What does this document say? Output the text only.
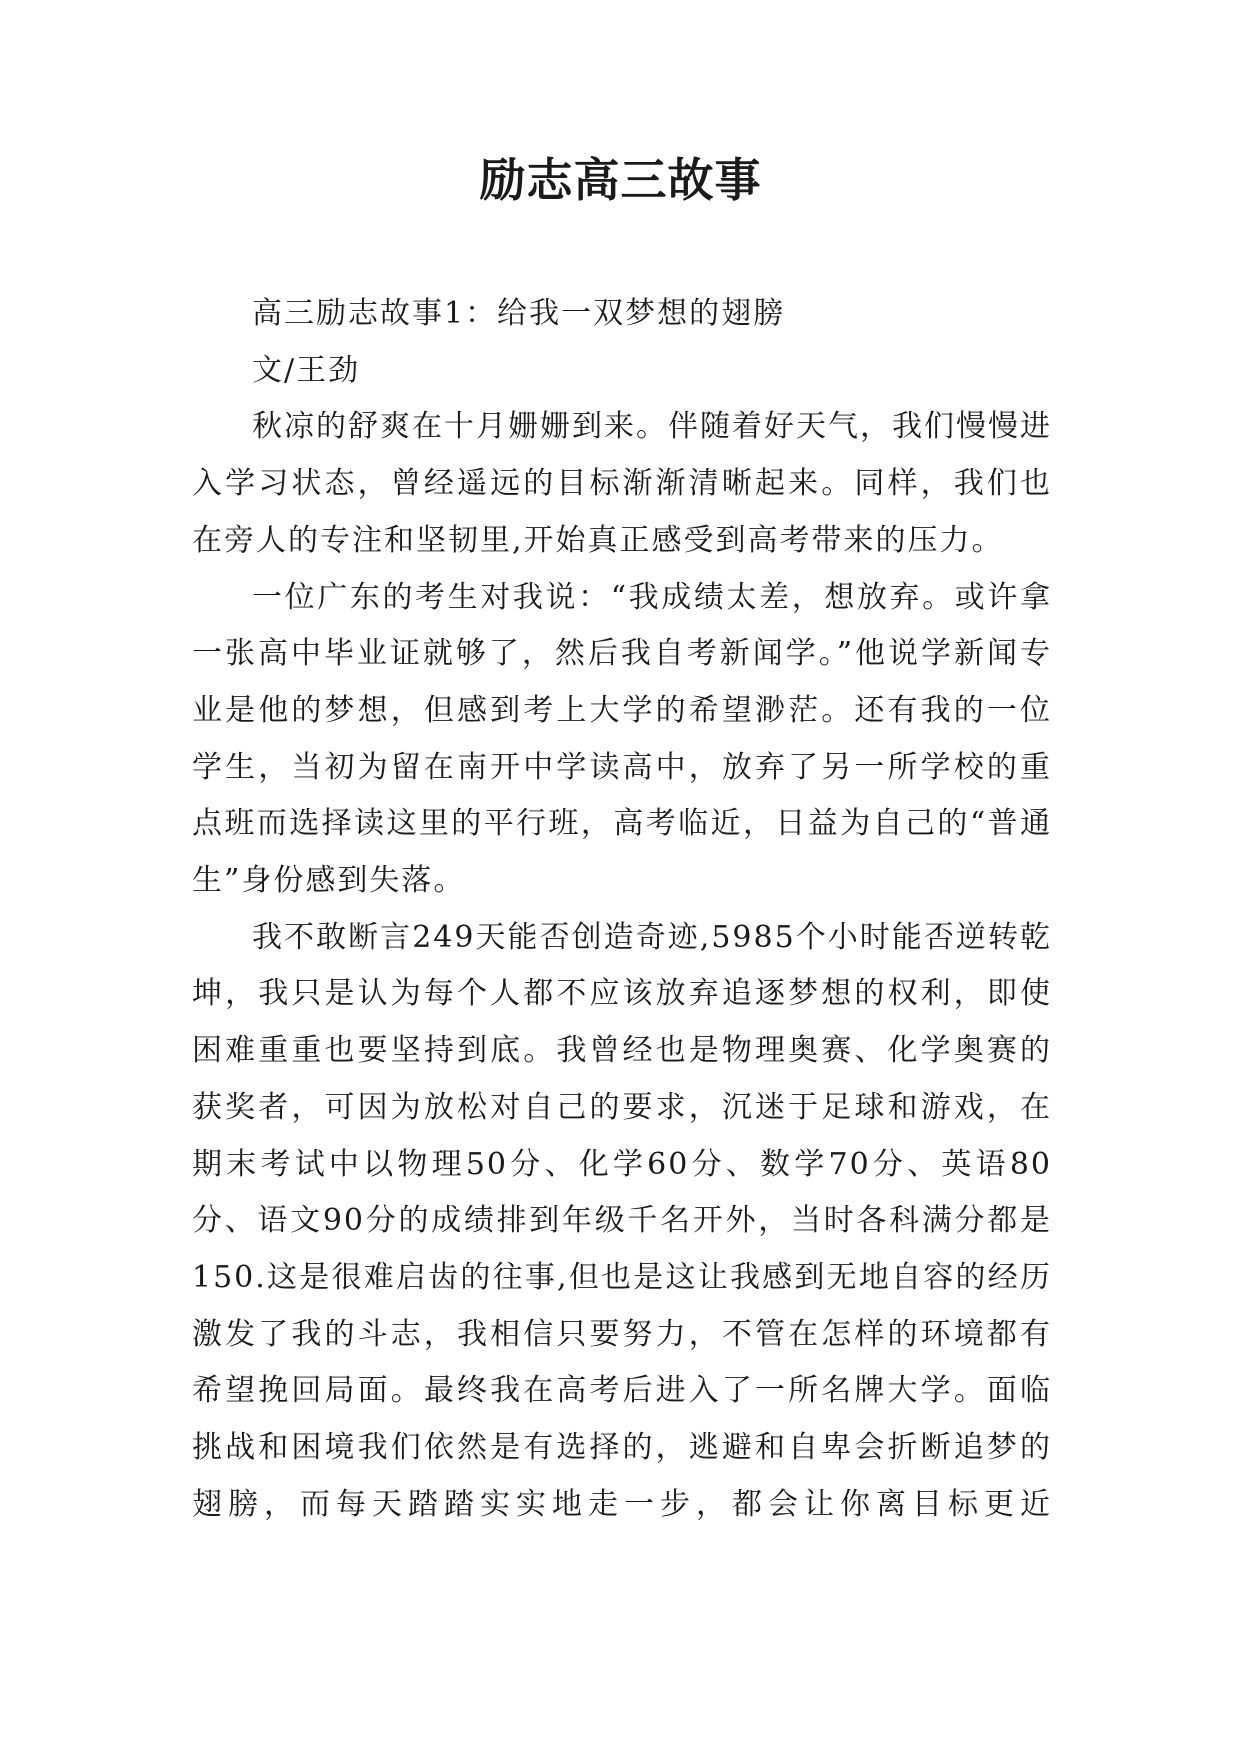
励志高三故事

高三励志故事1：给我一双梦想的翅膀

文/王劲

秋凉的舒爽在十月姗姗到来。伴随着好天气，我们慢慢进入学习状态，曾经遥远的目标渐渐清晰起来。同样，我们也在旁人的专注和坚韧里,开始真正感受到高考带来的压力。

一位广东的考生对我说：“我成绩太差，想放弃。或许拿一张高中毕业证就够了，然后我自考新闻学。”他说学新闻专业是他的梦想，但感到考上大学的希望渺茫。还有我的一位学生，当初为留在南开中学读高中，放弃了另一所学校的重点班而选择读这里的平行班，高考临近，日益为自己的“普通生”身份感到失落。

我不敢断言249天能否创造奇迹,5985个小时能否逆转乾坤，我只是认为每个人都不应该放弃追逐梦想的权利，即使困难重重也要坚持到底。我曾经也是物理奥赛、化学奥赛的获奖者，可因为放松对自己的要求，沉迷于足球和游戏，在期末考试中以物理50分、化学60分、数学70分、英语80分、语文90分的成绩排到年级千名开外，当时各科满分都是150.这是很难启齿的往事,但也是这让我感到无地自容的经历激发了我的斗志，我相信只要努力，不管在怎样的环境都有希望挽回局面。最终我在高考后进入了一所名牌大学。面临挑战和困境我们依然是有选择的，逃避和自卑会折断追梦的翅膀，而每天踏踏实实地走一步，都会让你离目标更近
